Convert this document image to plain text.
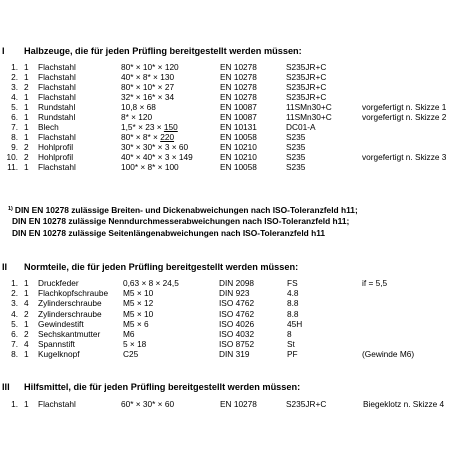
I Halbzeuge, die für jeden Prüfling bereitgestellt werden müssen:
1. 1 Flachstahl	80* × 10* × 120	EN 10278	S235JR+C
2. 1 Flachstahl	40* × 8* × 130	EN 10278	S235JR+C
3. 2 Flachstahl	80* × 10* × 27	EN 10278	S235JR+C
4. 1 Flachstahl	32* × 16* × 34	EN 10278	S235JR+C
5. 1 Rundstahl	10,8 × 68	EN 10087	11SMn30+C	vorgefertigt n. Skizze 1
6. 1 Rundstahl	8* × 120	EN 10087	11SMn30+C	vorgefertigt n. Skizze 2
7. 1 Blech	1,5* × 23 × 150	EN 10131	DC01-A
8. 1 Flachstahl	80* × 8* × 220	EN 10058	S235
9. 2 Hohlprofil	30* × 30* × 3 × 60	EN 10210	S235
10. 2 Hohlprofil	40* × 40* × 3 × 149	EN 10210	S235	vorgefertigt n. Skizze 3
11. 1 Flachstahl	100* × 8* × 100	EN 10058	S235
$^{1)}$ DIN EN 10278 zulässige Breiten- und Dickenabweichungen nach ISO-Toleranzfeld h11;
DIN EN 10278 zulässige Nenndurchmesserabweichungen nach ISO-Toleranzfeld h11;
DIN EN 10278 zulässige Seitenlängenabweichungen nach ISO-Toleranzfeld h11
II Normteile, die für jeden Prüfling bereitgestellt werden müssen:
1. 1 Druckfeder	0,63 × 8 × 24,5	DIN 2098	FS	if = 5,5
2. 1 Flachkopfschraube M5 × 10	DIN 923	4.8
3. 4 Zylinderschraube	M5 × 12	ISO 4762	8.8
4. 2 Zylinderschraube	M5 × 10	ISO 4762	8.8
5. 1 Gewindestift	M5 × 6	ISO 4026	45H
6. 2 Sechskantmutter	M6	ISO 4032	8
7. 4 Spannstift	5 × 18	ISO 8752	St
8. 1 Kugelknopf	C25	DIN 319	PF	(Gewinde M6)
III Hilfsmittel, die für jeden Prüfling bereitgestellt werden müssen:
1. 1 Flachstahl	60* × 30* × 60	EN 10278	S235JR+C	Biegeklotz n. Skizze 4
